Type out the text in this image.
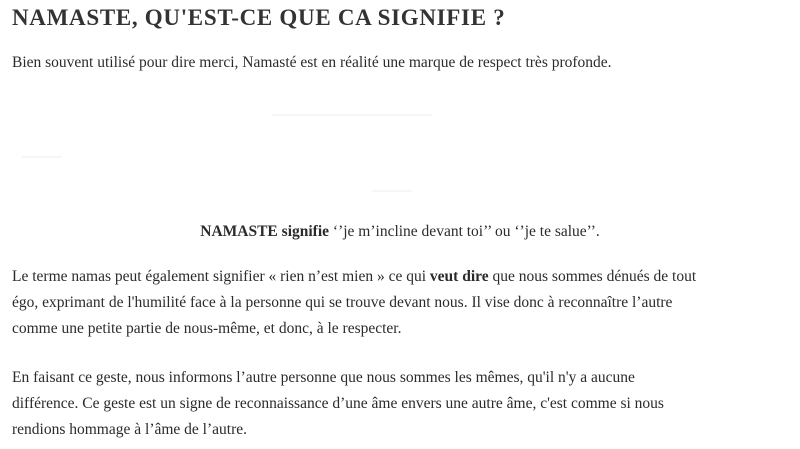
NAMASTE, QU'EST-CE QUE CA SIGNIFIE ?

Bien souvent utilisé pour dire merci, Namasté est en réalité une marque de respect très profonde.

NAMASTE signifie ‘’je m’incline devant toi’’ ou ‘’je te salue’’.

Le terme namas peut également signifier « rien n’est mien » ce qui veut dire que nous sommes dénués de tout
égo, exprimant de l'humilité face à la personne qui se trouve devant nous. Il vise donc à reconnaître l’autre
comme une petite partie de nous-même, et donc, à le respecter.

En faisant ce geste, nous informons l’autre personne que nous sommes les mêmes, qu'il n'y a aucune
différence. Ce geste est un signe de reconnaissance d’une âme envers une autre âme, c'est comme si nous
rendions hommage à l’âme de l’autre.
